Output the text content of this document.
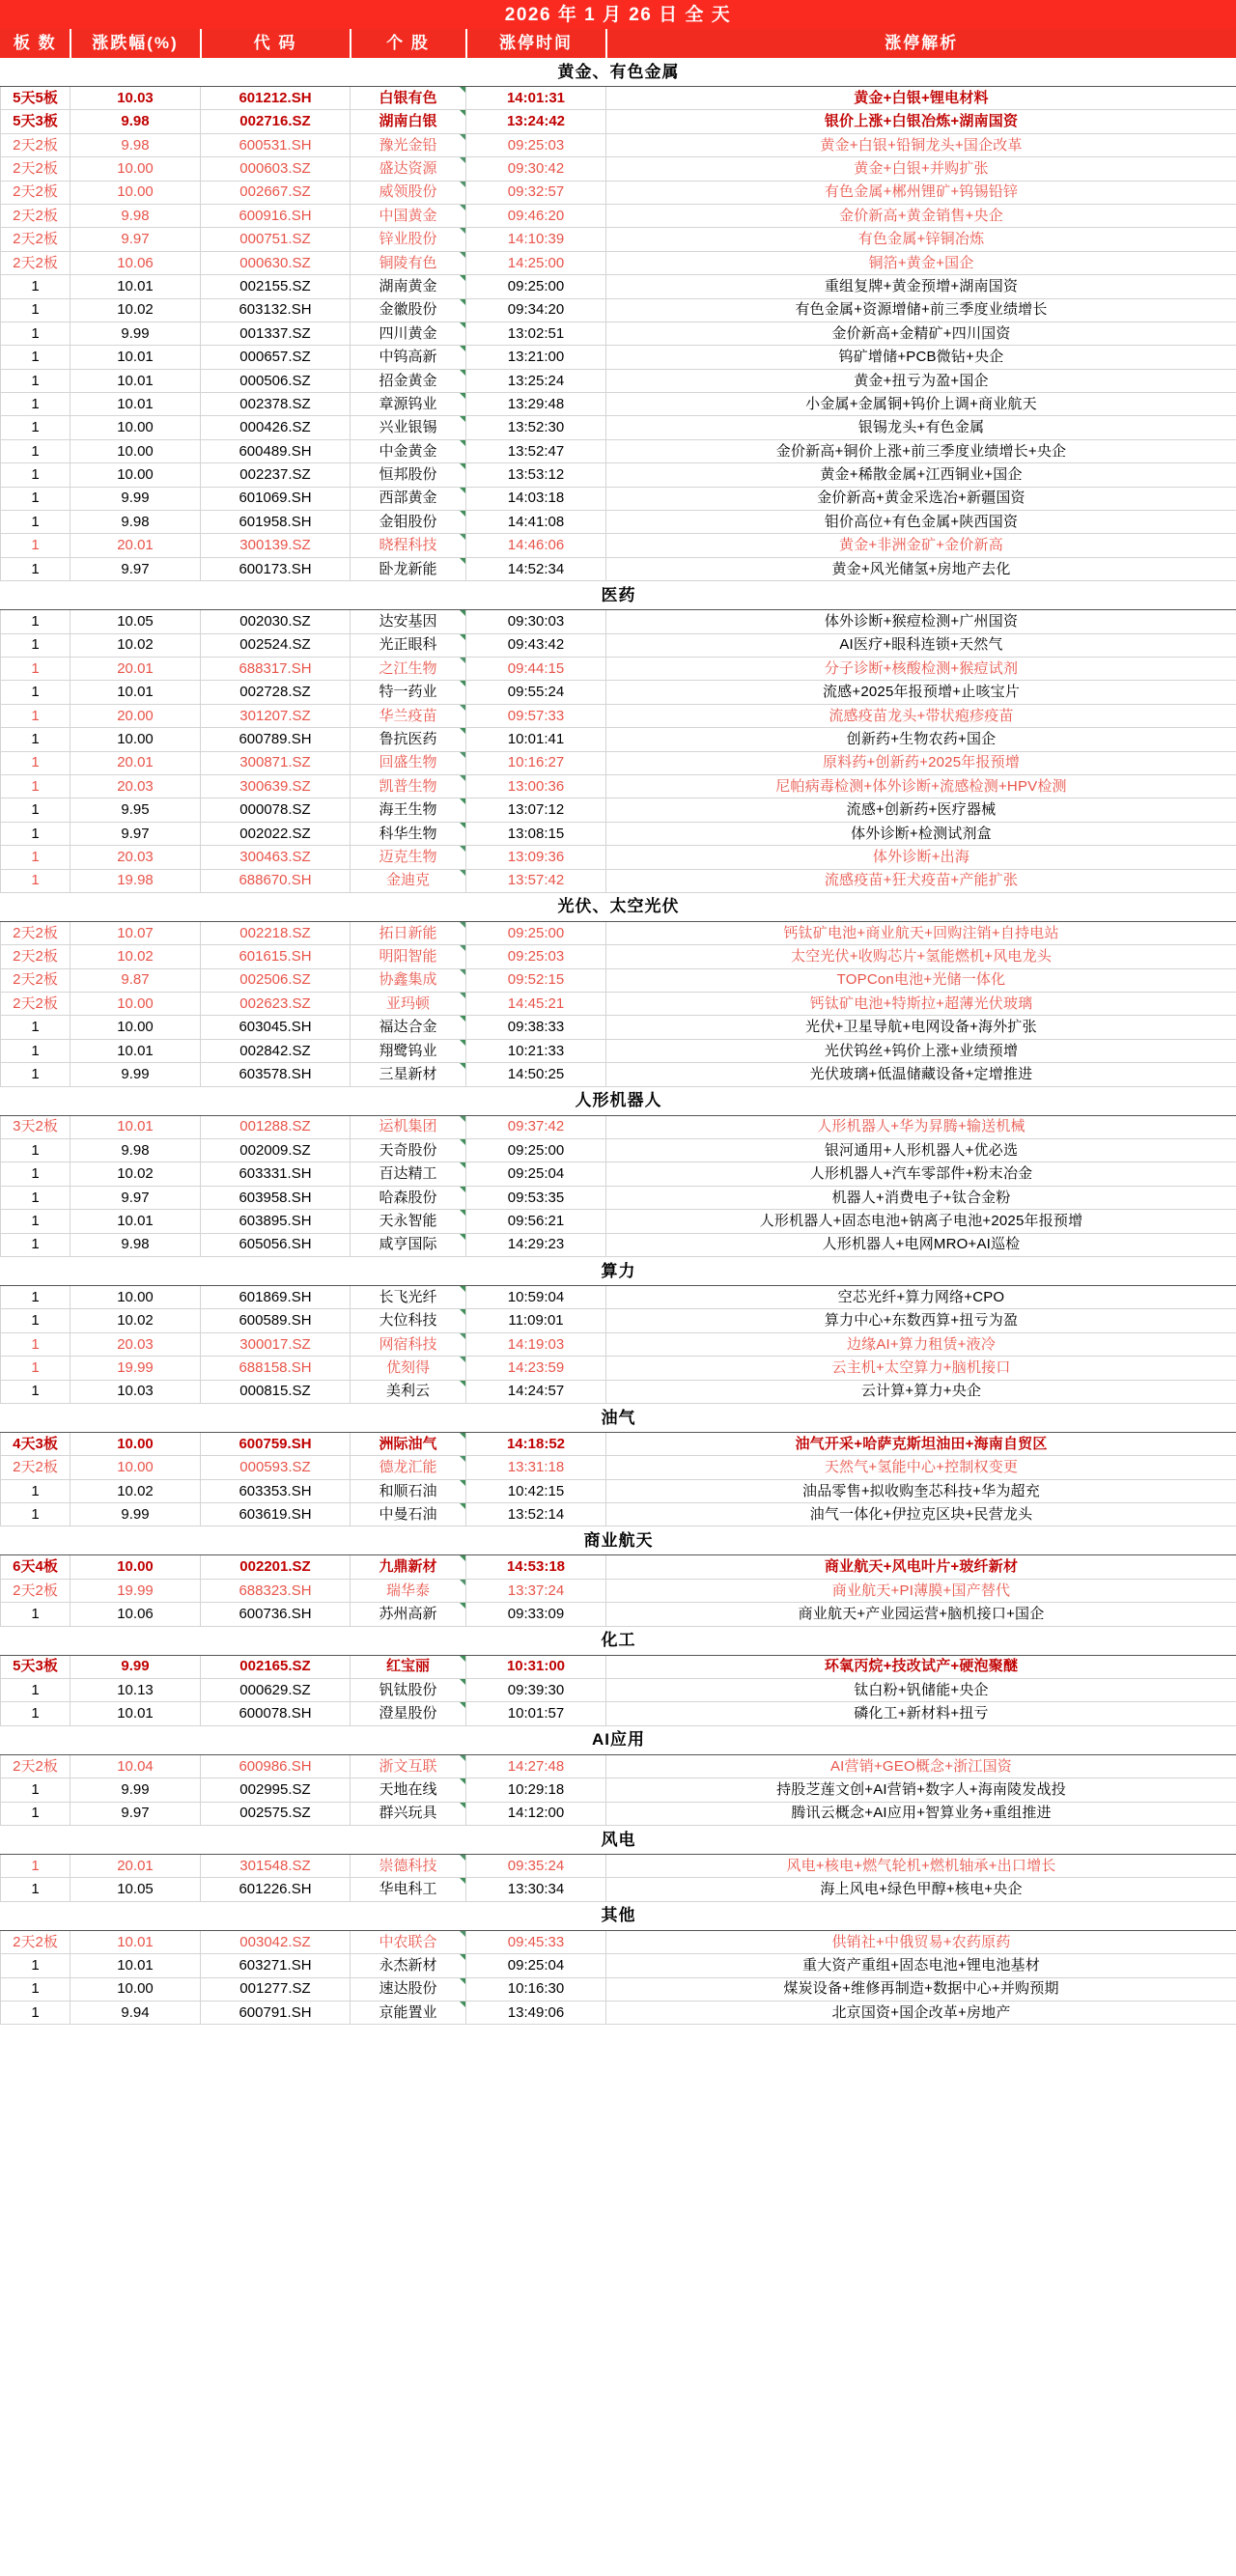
2026 年 1 月 26 日 全 天
板 数	涨跌幅(%)	代 码	个 股	涨停时间	涨停解析
黄金、有色金属					
5天5板	10.03	601212.SH	白银有色	14:01:31	黄金+白银+锂电材料
5天3板	9.98	002716.SZ	湖南白银	13:24:42	银价上涨+白银冶炼+湖南国资
2天2板	9.98	600531.SH	豫光金铅	09:25:03	黄金+白银+铅铜龙头+国企改革
2天2板	10.00	000603.SZ	盛达资源	09:30:42	黄金+白银+并购扩张
2天2板	10.00	002667.SZ	威领股份	09:32:57	有色金属+郴州锂矿+钨锡铅锌
2天2板	9.98	600916.SH	中国黄金	09:46:20	金价新高+黄金销售+央企
2天2板	9.97	000751.SZ	锌业股份	14:10:39	有色金属+锌铜冶炼
2天2板	10.06	000630.SZ	铜陵有色	14:25:00	铜箔+黄金+国企
1	10.01	002155.SZ	湖南黄金	09:25:00	重组复牌+黄金预增+湖南国资
1	10.02	603132.SH	金徽股份	09:34:20	有色金属+资源增储+前三季度业绩增长
1	9.99	001337.SZ	四川黄金	13:02:51	金价新高+金精矿+四川国资
1	10.01	000657.SZ	中钨高新	13:21:00	钨矿增储+PCB微钻+央企
1	10.01	000506.SZ	招金黄金	13:25:24	黄金+扭亏为盈+国企
1	10.01	002378.SZ	章源钨业	13:29:48	小金属+金属铜+钨价上调+商业航天
1	10.00	000426.SZ	兴业银锡	13:52:30	银锡龙头+有色金属
1	10.00	600489.SH	中金黄金	13:52:47	金价新高+铜价上涨+前三季度业绩增长+央企
1	10.00	002237.SZ	恒邦股份	13:53:12	黄金+稀散金属+江西铜业+国企
1	9.99	601069.SH	西部黄金	14:03:18	金价新高+黄金采选冶+新疆国资
1	9.98	601958.SH	金钼股份	14:41:08	钼价高位+有色金属+陕西国资
1	20.01	300139.SZ	晓程科技	14:46:06	黄金+非洲金矿+金价新高
1	9.97	600173.SH	卧龙新能	14:52:34	黄金+风光储氢+房地产去化
医药					
1	10.05	002030.SZ	达安基因	09:30:03	体外诊断+猴痘检测+广州国资
1	10.02	002524.SZ	光正眼科	09:43:42	AI医疗+眼科连锁+天然气
1	20.01	688317.SH	之江生物	09:44:15	分子诊断+核酸检测+猴痘试剂
1	10.01	002728.SZ	特一药业	09:55:24	流感+2025年报预增+止咳宝片
1	20.00	301207.SZ	华兰疫苗	09:57:33	流感疫苗龙头+带状疱疹疫苗
1	10.00	600789.SH	鲁抗医药	10:01:41	创新药+生物农药+国企
1	20.01	300871.SZ	回盛生物	10:16:27	原料药+创新药+2025年报预增
1	20.03	300639.SZ	凯普生物	13:00:36	尼帕病毒检测+体外诊断+流感检测+HPV检测
1	9.95	000078.SZ	海王生物	13:07:12	流感+创新药+医疗器械
1	9.97	002022.SZ	科华生物	13:08:15	体外诊断+检测试剂盒
1	20.03	300463.SZ	迈克生物	13:09:36	体外诊断+出海
1	19.98	688670.SH	金迪克	13:57:42	流感疫苗+狂犬疫苗+产能扩张
光伏、太空光伏					
2天2板	10.07	002218.SZ	拓日新能	09:25:00	钙钛矿电池+商业航天+回购注销+自持电站
2天2板	10.02	601615.SH	明阳智能	09:25:03	太空光伏+收购芯片+氢能燃机+风电龙头
2天2板	9.87	002506.SZ	协鑫集成	09:52:15	TOPCon电池+光储一体化
2天2板	10.00	002623.SZ	亚玛顿	14:45:21	钙钛矿电池+特斯拉+超薄光伏玻璃
1	10.00	603045.SH	福达合金	09:38:33	光伏+卫星导航+电网设备+海外扩张
1	10.01	002842.SZ	翔鹭钨业	10:21:33	光伏钨丝+钨价上涨+业绩预增
1	9.99	603578.SH	三星新材	14:50:25	光伏玻璃+低温储藏设备+定增推进
人形机器人					
3天2板	10.01	001288.SZ	运机集团	09:37:42	人形机器人+华为昇腾+输送机械
1	9.98	002009.SZ	天奇股份	09:25:00	银河通用+人形机器人+优必选
1	10.02	603331.SH	百达精工	09:25:04	人形机器人+汽车零部件+粉末冶金
1	9.97	603958.SH	哈森股份	09:53:35	机器人+消费电子+钛合金粉
1	10.01	603895.SH	天永智能	09:56:21	人形机器人+固态电池+钠离子电池+2025年报预增
1	9.98	605056.SH	咸亨国际	14:29:23	人形机器人+电网MRO+AI巡检
算力					
1	10.00	601869.SH	长飞光纤	10:59:04	空芯光纤+算力网络+CPO
1	10.02	600589.SH	大位科技	11:09:01	算力中心+东数西算+扭亏为盈
1	20.03	300017.SZ	网宿科技	14:19:03	边缘AI+算力租赁+液冷
1	19.99	688158.SH	优刻得	14:23:59	云主机+太空算力+脑机接口
1	10.03	000815.SZ	美利云	14:24:57	云计算+算力+央企
油气					
4天3板	10.00	600759.SH	洲际油气	14:18:52	油气开采+哈萨克斯坦油田+海南自贸区
2天2板	10.00	000593.SZ	德龙汇能	13:31:18	天然气+氢能中心+控制权变更
1	10.02	603353.SH	和顺石油	10:42:15	油品零售+拟收购奎芯科技+华为超充
1	9.99	603619.SH	中曼石油	13:52:14	油气一体化+伊拉克区块+民营龙头
商业航天					
6天4板	10.00	002201.SZ	九鼎新材	14:53:18	商业航天+风电叶片+玻纤新材
2天2板	19.99	688323.SH	瑞华泰	13:37:24	商业航天+PI薄膜+国产替代
1	10.06	600736.SH	苏州高新	09:33:09	商业航天+产业园运营+脑机接口+国企
化工					
5天3板	9.99	002165.SZ	红宝丽	10:31:00	环氧丙烷+技改试产+硬泡聚醚
1	10.13	000629.SZ	钒钛股份	09:39:30	钛白粉+钒储能+央企
1	10.01	600078.SH	澄星股份	10:01:57	磷化工+新材料+扭亏
AI应用					
2天2板	10.04	600986.SH	浙文互联	14:27:48	AI营销+GEO概念+浙江国资
1	9.99	002995.SZ	天地在线	10:29:18	持股芝莲文创+AI营销+数字人+海南陵发战投
1	9.97	002575.SZ	群兴玩具	14:12:00	腾讯云概念+AI应用+智算业务+重组推进
风电					
1	20.01	301548.SZ	崇德科技	09:35:24	风电+核电+燃气轮机+燃机轴承+出口增长
1	10.05	601226.SH	华电科工	13:30:34	海上风电+绿色甲醇+核电+央企
其他					
2天2板	10.01	003042.SZ	中农联合	09:45:33	供销社+中俄贸易+农药原药
1	10.01	603271.SH	永杰新材	09:25:04	重大资产重组+固态电池+锂电池基材
1	10.00	001277.SZ	速达股份	10:16:30	煤炭设备+维修再制造+数据中心+并购预期
1	9.94	600791.SH	京能置业	13:49:06	北京国资+国企改革+房地产
